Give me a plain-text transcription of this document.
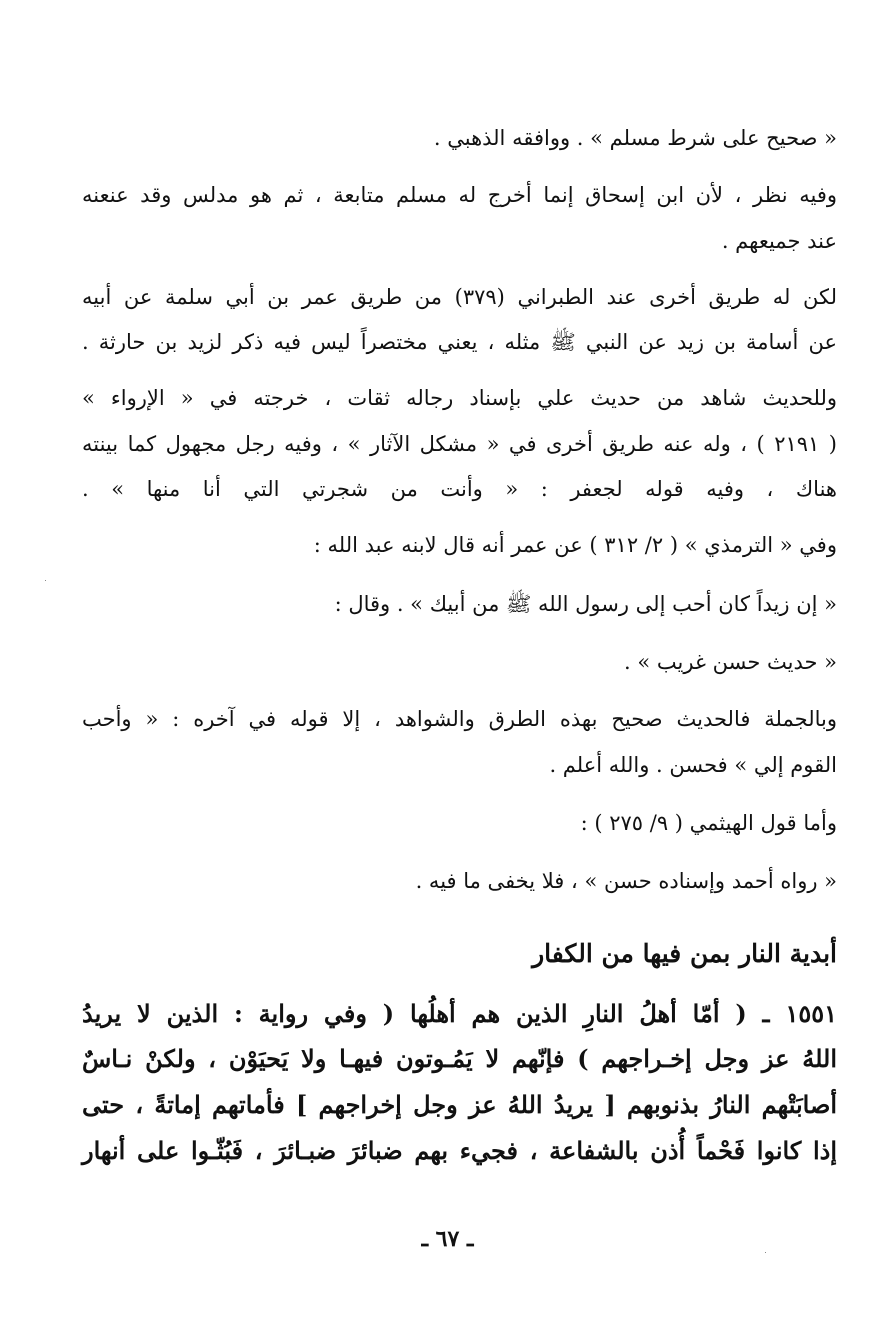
« صحيح على شرط مسلم » . ووافقه الذهبي .
وفيه نظر ، لأن ابن إسحاق إنما أخرج له مسلم متابعة ، ثم هو مدلس وقد عنعنه
عند جميعهم .
لكن له طريق أخرى عند الطبراني (٣٧٩) من طريق عمر بن أبي سلمة عن أبيه
عن أسامة بن زيد عن النبي ﷺ مثله ، يعني مختصراً ليس فيه ذكر لزيد بن حارثة .
وللحديث شاهد من حديث علي بإسناد رجاله ثقات ، خرجته في « الإرواء »
( ٢١٩١ ) ، وله عنه طريق أخرى في « مشكل الآثار » ، وفيه رجل مجهول كما بينته
هناك ، وفيه قوله لجعفر : « وأنت من شجرتي التي أنا منها » .
وفي « الترمذي » ( ٢/ ٣١٢ ) عن عمر أنه قال لابنه عبد الله :
« إن زيداً كان أحب إلى رسول الله ﷺ من أبيك » . وقال :
« حديث حسن غريب » .
وبالجملة فالحديث صحيح بهذه الطرق والشواهد ، إلا قوله في آخره : « وأحب
القوم إلي » فحسن . والله أعلم .
وأما قول الهيثمي ( ٩/ ٢٧٥ ) :
« رواه أحمد وإسناده حسن » ، فلا يخفى ما فيه .
أبدية النار بمن فيها من الكفار
١٥٥١ ـ ( أمّا أهلُ النارِ الذين هم أهلُها ( وفي رواية : الذين لا يريدُ
اللهُ عز وجل إخـراجهم ) فإنّهم لا يَمُـوتون فيهـا ولا يَحيَوْن ، ولكنْ نـاسٌ
أصابَتْهم النارُ بذنوبهم [ يريدُ اللهُ عز وجل إخراجهم ] فأماتهم إماتةً ، حتى
إذا كانوا فَحْماً أُذن بالشفاعة ، فجيء بهم ضبائرَ ضبـائرَ ، فَبُثّـوا على أنهار
ـ ٦٧ ـ
